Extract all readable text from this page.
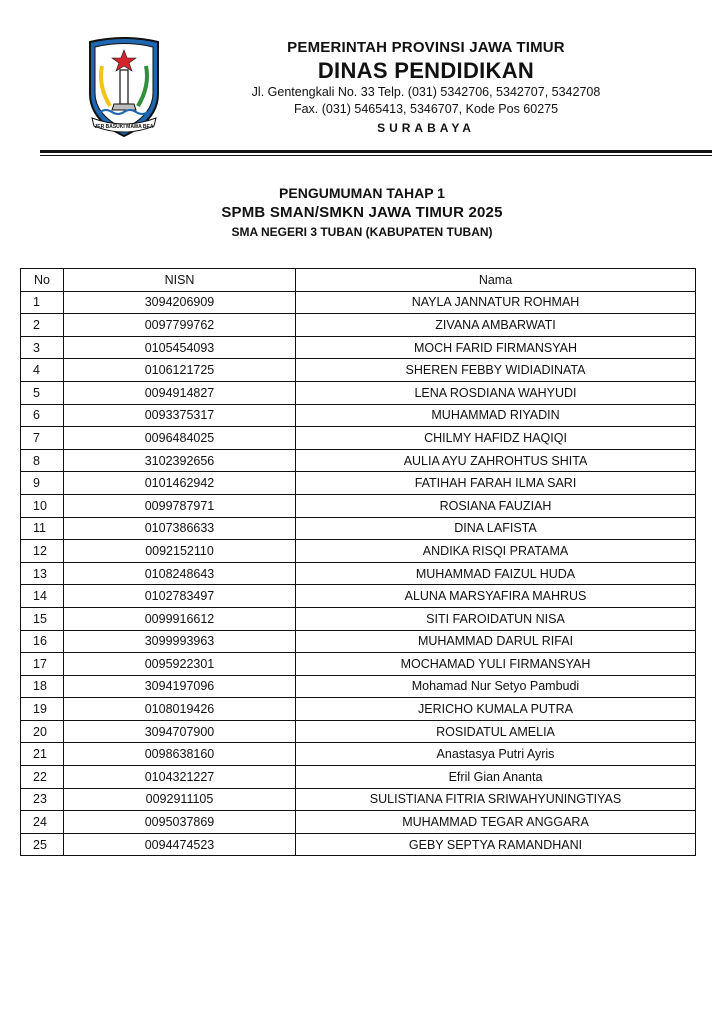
JER BASUKI MAWA BEA
PEMERINTAH PROVINSI JAWA TIMUR
DINAS PENDIDIKAN
Jl. Gentengkali No. 33 Telp. (031) 5342706, 5342707, 5342708
Fax. (031) 5465413, 5346707, Kode Pos 60275
SURABAYA
PENGUMUMAN TAHAP 1
SPMB SMAN/SMKN JAWA TIMUR 2025
SMA NEGERI 3 TUBAN (KABUPATEN TUBAN)
No	NISN	Nama
1	3094206909	NAYLA JANNATUR ROHMAH
2	0097799762	ZIVANA AMBARWATI
3	0105454093	MOCH FARID FIRMANSYAH
4	0106121725	SHEREN FEBBY WIDIADINATA
5	0094914827	LENA ROSDIANA WAHYUDI
6	0093375317	MUHAMMAD RIYADIN
7	0096484025	CHILMY HAFIDZ HAQIQI
8	3102392656	AULIA AYU ZAHROHTUS SHITA
9	0101462942	FATIHAH FARAH ILMA SARI
10	0099787971	ROSIANA FAUZIAH
11	0107386633	DINA LAFISTA
12	0092152110	ANDIKA RISQI PRATAMA
13	0108248643	MUHAMMAD FAIZUL HUDA
14	0102783497	ALUNA MARSYAFIRA MAHRUS
15	0099916612	SITI FAROIDATUN NISA
16	3099993963	MUHAMMAD DARUL RIFAI
17	0095922301	MOCHAMAD YULI FIRMANSYAH
18	3094197096	Mohamad Nur Setyo Pambudi
19	0108019426	JERICHO KUMALA PUTRA
20	3094707900	ROSIDATUL AMELIA
21	0098638160	Anastasya Putri Ayris
22	0104321227	Efril Gian Ananta
23	0092911105	SULISTIANA FITRIA SRIWAHYUNINGTIYAS
24	0095037869	MUHAMMAD TEGAR ANGGARA
25	0094474523	GEBY SEPTYA RAMANDHANI
